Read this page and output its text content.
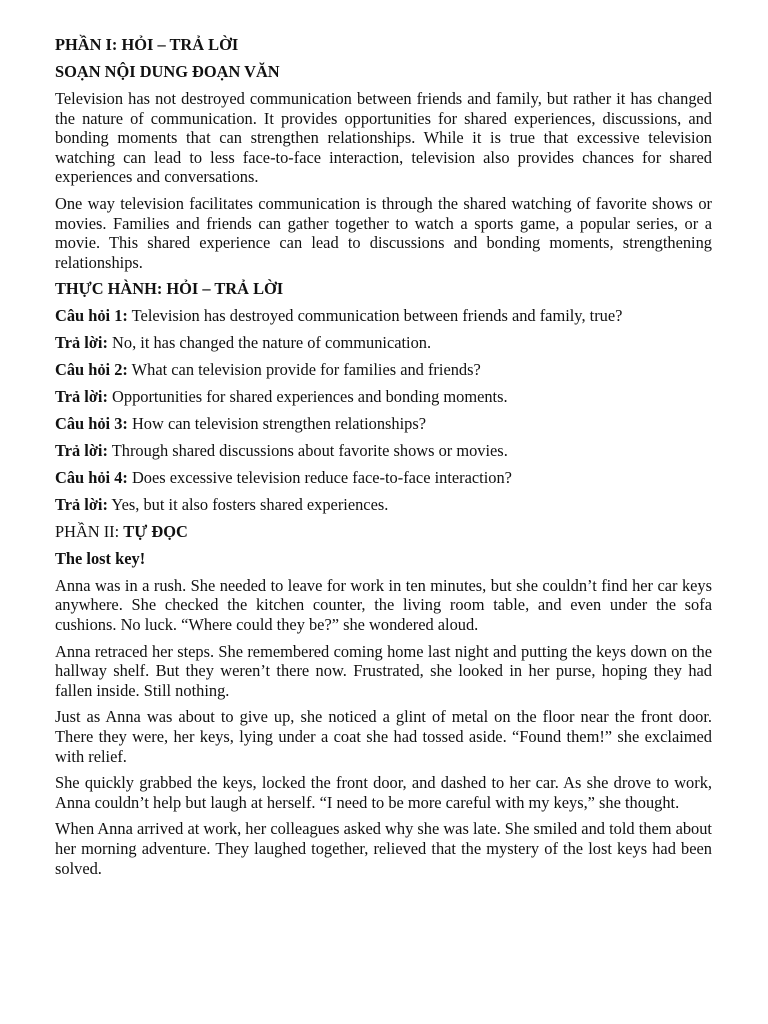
PHẦN I: HỎI – TRẢ LỜI
SOẠN NỘI DUNG ĐOẠN VĂN
Television has not destroyed communication between friends and family, but rather it has changed the nature of communication. It provides opportunities for shared experiences, discussions, and bonding moments that can strengthen relationships. While it is true that excessive television watching can lead to less face-to-face interaction, television also provides chances for shared experiences and conversations.
One way television facilitates communication is through the shared watching of favorite shows or movies. Families and friends can gather together to watch a sports game, a popular series, or a movie. This shared experience can lead to discussions and bonding moments, strengthening relationships.
THỰC HÀNH: HỎI – TRẢ LỜI
Câu hỏi 1: Television has destroyed communication between friends and family, true?
Trả lời: No, it has changed the nature of communication.
Câu hỏi 2: What can television provide for families and friends?
Trả lời: Opportunities for shared experiences and bonding moments.
Câu hỏi 3: How can television strengthen relationships?
Trả lời: Through shared discussions about favorite shows or movies.
Câu hỏi 4: Does excessive television reduce face-to-face interaction?
Trả lời: Yes, but it also fosters shared experiences.
PHẦN II: TỰ ĐỌC
The lost key!
Anna was in a rush. She needed to leave for work in ten minutes, but she couldn’t find her car keys anywhere. She checked the kitchen counter, the living room table, and even under the sofa cushions. No luck. “Where could they be?” she wondered aloud.
Anna retraced her steps. She remembered coming home last night and putting the keys down on the hallway shelf. But they weren’t there now. Frustrated, she looked in her purse, hoping they had fallen inside. Still nothing.
Just as Anna was about to give up, she noticed a glint of metal on the floor near the front door. There they were, her keys, lying under a coat she had tossed aside. “Found them!” she exclaimed with relief.
She quickly grabbed the keys, locked the front door, and dashed to her car. As she drove to work, Anna couldn’t help but laugh at herself. “I need to be more careful with my keys,” she thought.
When Anna arrived at work, her colleagues asked why she was late. She smiled and told them about her morning adventure. They laughed together, relieved that the mystery of the lost keys had been solved.
